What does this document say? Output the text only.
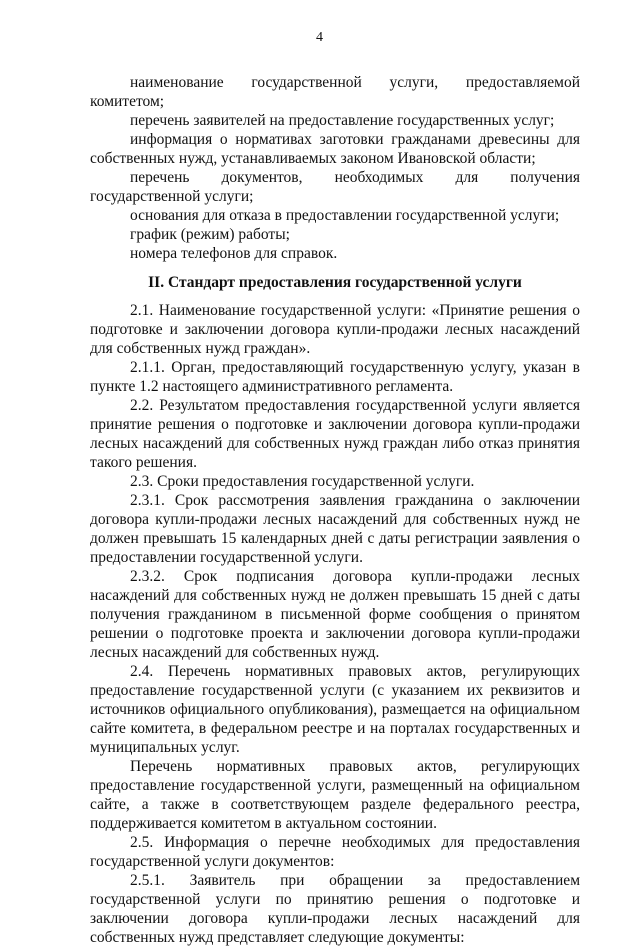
4

наименование государственной услуги, предоставляемой комитетом;

перечень заявителей на предоставление государственных услуг;

информация о нормативах заготовки гражданами древесины для собственных нужд, устанавливаемых законом Ивановской области;

перечень документов, необходимых для получения государственной услуги;

основания для отказа в предоставлении государственной услуги;

график (режим) работы;

номера телефонов для справок.

II. Стандарт предоставления государственной услуги

2.1. Наименование государственной услуги: «Принятие решения о подготовке и заключении договора купли-продажи лесных насаждений для собственных нужд граждан».

2.1.1. Орган, предоставляющий государственную услугу, указан в пункте 1.2 настоящего административного регламента.

2.2. Результатом предоставления государственной услуги является принятие решения о подготовке и заключении договора купли-продажи лесных насаждений для собственных нужд граждан либо отказ принятия такого решения.

2.3. Сроки предоставления государственной услуги.

2.3.1. Срок рассмотрения заявления гражданина о заключении договора купли-продажи лесных насаждений для собственных нужд не должен превышать 15 календарных дней с даты регистрации заявления о предоставлении государственной услуги.

2.3.2. Срок подписания договора купли-продажи лесных насаждений для собственных нужд не должен превышать 15 дней с даты получения гражданином в письменной форме сообщения о принятом решении о подготовке проекта и заключении договора купли-продажи лесных насаждений для собственных нужд.

2.4. Перечень нормативных правовых актов, регулирующих предоставление государственной услуги (с указанием их реквизитов и источников официального опубликования), размещается на официальном сайте комитета, в федеральном реестре и на порталах государственных и муниципальных услуг.

Перечень нормативных правовых актов, регулирующих предоставление государственной услуги, размещенный на официальном сайте, а также в соответствующем разделе федерального реестра, поддерживается комитетом в актуальном состоянии.

2.5. Информация о перечне необходимых для предоставления государственной услуги документов:

2.5.1. Заявитель при обращении за предоставлением государственной услуги по принятию решения о подготовке и заключении договора купли-продажи лесных насаждений для собственных нужд представляет следующие документы:
